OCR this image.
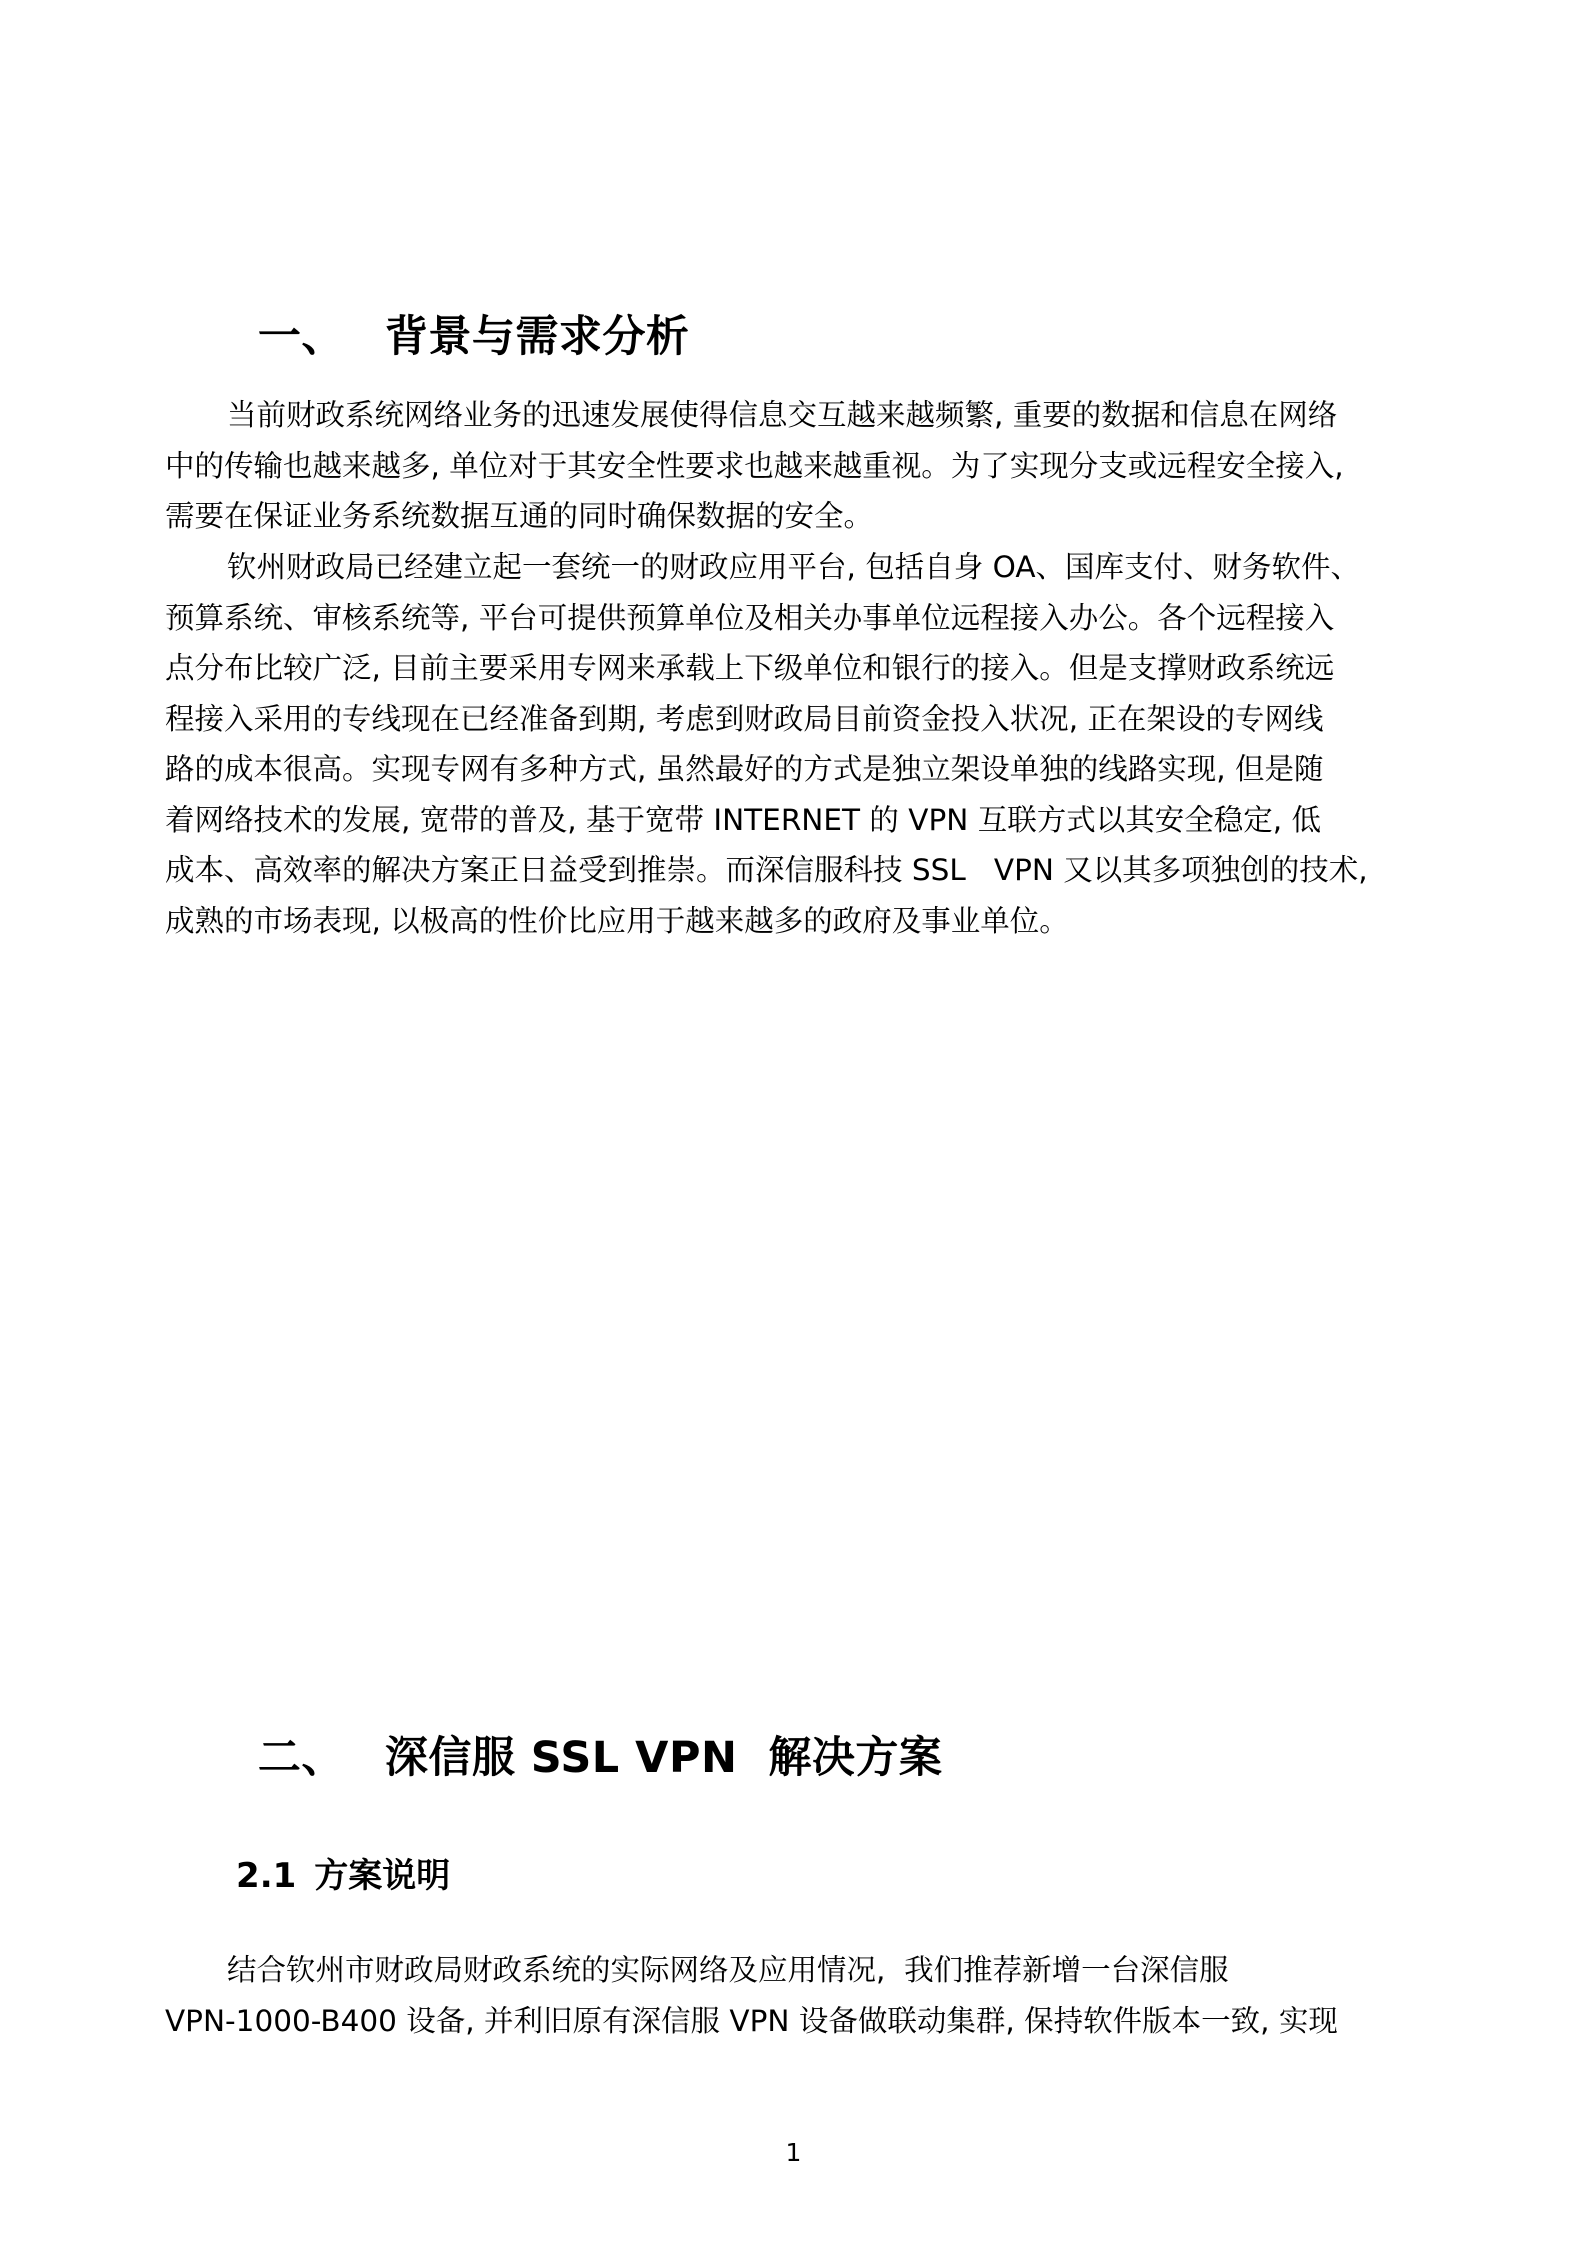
一、 背景与需求分析

当前财政系统网络业务的迅速发展使得信息交互越来越频繁, 重要的数据和信息在网络
中的传输也越来越多, 单位对于其安全性要求也越来越重视。为了实现分支或远程安全接入,
需要在保证业务系统数据互通的同时确保数据的安全。
钦州财政局已经建立起一套统一的财政应用平台, 包括自身 OA、国库支付、财务软件、
预算系统、审核系统等, 平台可提供预算单位及相关办事单位远程接入办公。各个远程接入
点分布比较广泛, 目前主要采用专网来承载上下级单位和银行的接入。但是支撑财政系统远
程接入采用的专线现在已经准备到期, 考虑到财政局目前资金投入状况, 正在架设的专网线
路的成本很高。实现专网有多种方式, 虽然最好的方式是独立架设单独的线路实现, 但是随
着网络技术的发展, 宽带的普及, 基于宽带 INTERNET 的 VPN 互联方式以其安全稳定, 低
成本、高效率的解决方案正日益受到推崇。而深信服科技 SSL   VPN 又以其多项独创的技术,
成熟的市场表现, 以极高的性价比应用于越来越多的政府及事业单位。

二、 深信服 SSL VPN  解决方案

2.1 方案说明

结合钦州市财政局财政系统的实际网络及应用情况,  我们推荐新增一台深信服
VPN-1000-B400 设备, 并利旧原有深信服 VPN 设备做联动集群, 保持软件版本一致, 实现
1
